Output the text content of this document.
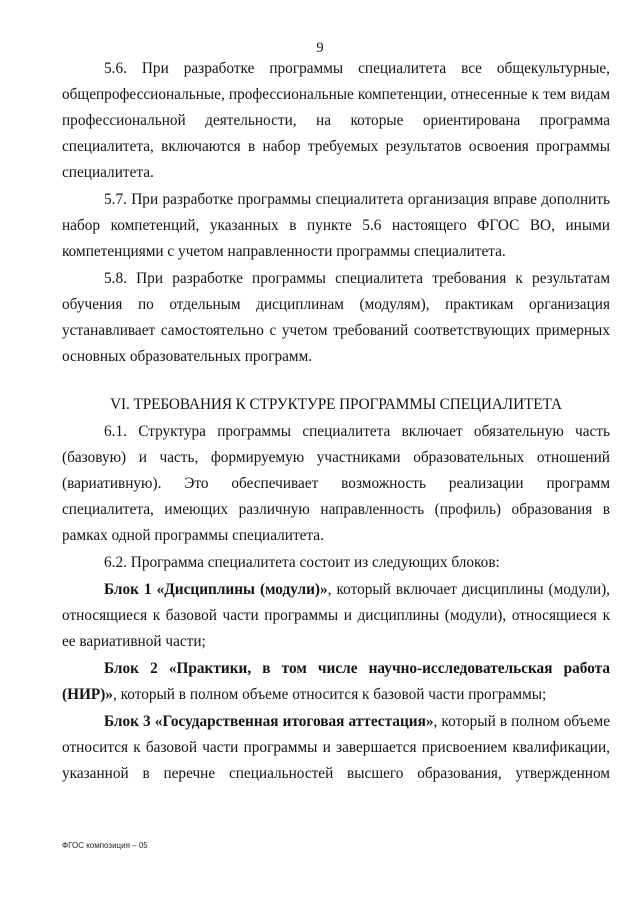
9

5.6. При разработке программы специалитета все общекультурные, общепрофессиональные, профессиональные компетенции, отнесенные к тем видам профессиональной деятельности, на которые ориентирована программа специалитета, включаются в набор требуемых результатов освоения программы специалитета.

5.7. При разработке программы специалитета организация вправе дополнить набор компетенций, указанных в пункте 5.6 настоящего ФГОС ВО, иными компетенциями с учетом направленности программы специалитета.

5.8. При разработке программы специалитета требования к результатам обучения по отдельным дисциплинам (модулям), практикам организация устанавливает самостоятельно с учетом требований соответствующих примерных основных образовательных программ.

VI. ТРЕБОВАНИЯ К СТРУКТУРЕ ПРОГРАММЫ СПЕЦИАЛИТЕТА

6.1. Структура программы специалитета включает обязательную часть (базовую) и часть, формируемую участниками образовательных отношений (вариативную). Это обеспечивает возможность реализации программ специалитета, имеющих различную направленность (профиль) образования в рамках одной программы специалитета.

6.2. Программа специалитета состоит из следующих блоков:

Блок 1 «Дисциплины (модули)», который включает дисциплины (модули), относящиеся к базовой части программы и дисциплины (модули), относящиеся к ее вариативной части;

Блок 2 «Практики, в том числе научно-исследовательская работа (НИР)», который в полном объеме относится к базовой части программы;

Блок 3 «Государственная итоговая аттестация», который в полном объеме относится к базовой части программы и завершается присвоением квалификации, указанной в перечне специальностей высшего образования, утвержденном

ФГОС композиция – 05
